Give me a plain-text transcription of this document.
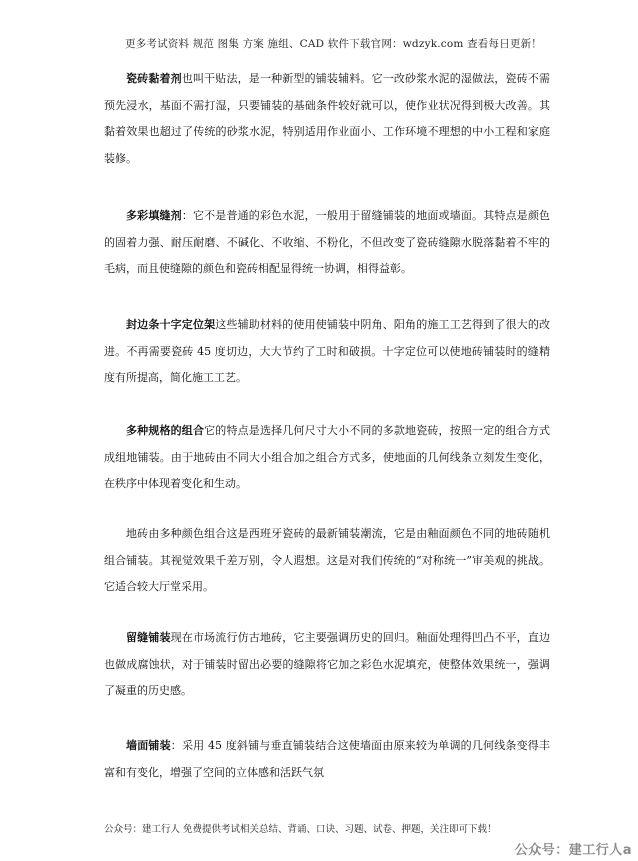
更多考试资料 规范 图集 方案 施组、CAD 软件下载官网：wdzyk.com 查看每日更新！

瓷砖黏着剂也叫干贴法，是一种新型的铺装辅料。它一改砂浆水泥的湿做法，瓷砖不需预先浸水，基面不需打湿，只要铺装的基础条件较好就可以，使作业状况得到极大改善。其黏着效果也超过了传统的砂浆水泥，特别适用作业面小、工作环境不理想的中小工程和家庭装修。

多彩填缝剂：它不是普通的彩色水泥，一般用于留缝铺装的地面或墙面。其特点是颜色的固着力强、耐压耐磨、不碱化、不收缩、不粉化，不但改变了瓷砖缝隙水脱落黏着不牢的毛病，而且使缝隙的颜色和瓷砖相配显得统一协调，相得益彰。

封边条十字定位架这些辅助材料的使用使铺装中阴角、阳角的施工工艺得到了很大的改进。不再需要瓷砖 45 度切边，大大节约了工时和破损。十字定位可以使地砖铺装时的缝精度有所提高，简化施工工艺。

多种规格的组合它的特点是选择几何尺寸大小不同的多款地瓷砖，按照一定的组合方式成组地铺装。由于地砖由不同大小组合加之组合方式多，使地面的几何线条立刻发生变化，在秩序中体现着变化和生动。

地砖由多种颜色组合这是西班牙瓷砖的最新铺装潮流，它是由釉面颜色不同的地砖随机组合铺装。其视觉效果千差万别，令人遐想。这是对我们传统的“对称统一”审美观的挑战。它适合较大厅堂采用。

留缝铺装现在市场流行仿古地砖，它主要强调历史的回归。釉面处理得凹凸不平，直边也做成腐蚀状，对于铺装时留出必要的缝隙将它加之彩色水泥填充，使整体效果统一，强调了凝重的历史感。

墙面铺装：采用 45 度斜铺与垂直铺装结合这使墙面由原来较为单调的几何线条变得丰富和有变化，增强了空间的立体感和活跃气氛

公众号：建工行人 免费提供考试相关总结、背诵、口诀、习题、试卷、押题，关注即可下载！
公众号：建工行人a
